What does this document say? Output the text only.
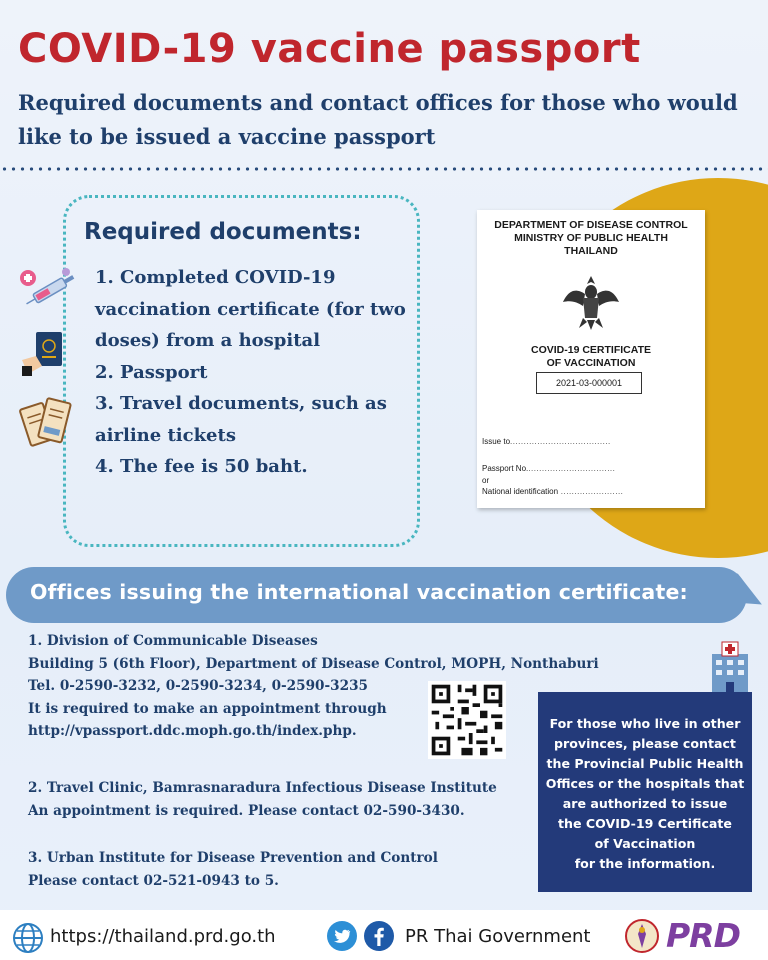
COVID-19 vaccine passport
Required documents and contact offices for those who would like to be issued a vaccine passport
Required documents:
1. Completed COVID-19 vaccination certificate (for two doses) from a hospital
2. Passport
3. Travel documents, such as airline tickets
4. The fee is 50 baht.
DEPARTMENT OF DISEASE CONTROL
MINISTRY OF PUBLIC HEALTH
THAILAND
COVID-19 CERTIFICATE
OF VACCINATION
2021-03-000001
Issue to.....................................
Passport No.................................
or
National identification .......................
Offices issuing the international vaccination certificate:
1. Division of Communicable Diseases
Building 5 (6th Floor), Department of Disease Control, MOPH, Nonthaburi
Tel. 0-2590-3232, 0-2590-3234, 0-2590-3235
It is required to make an appointment through
http://vpassport.ddc.moph.go.th/index.php.
2. Travel Clinic, Bamrasnaradura Infectious Disease Institute
An appointment is required. Please contact 02-590-3430.
3. Urban Institute for Disease Prevention and Control
Please contact 02-521-0943 to 5.
For those who live in other
provinces, please contact
the Provincial Public Health
Offices or the hospitals that
are authorized to issue
the COVID-19 Certificate
of Vaccination
for the information.
https://thailand.prd.go.th	PR Thai Government PRD
